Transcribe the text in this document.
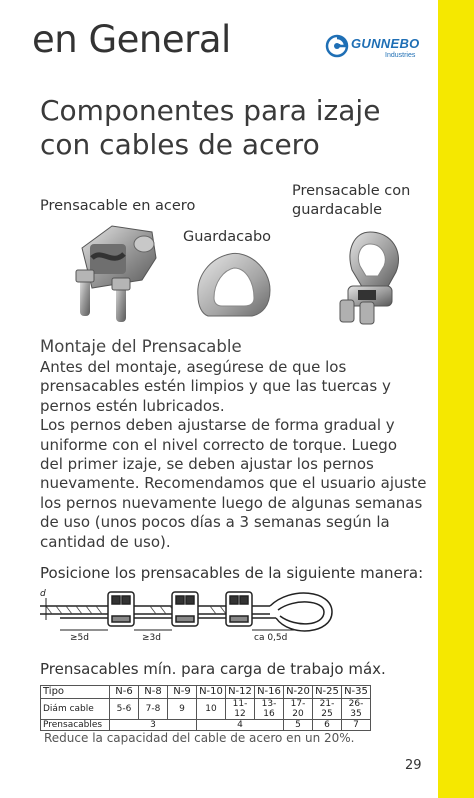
en General	GUNNEBO
Industries
Componentes para izaje
con cables de acero
Prensacable en acero
Guardacabo
Prensacable con
guardacable
Montaje del Prensacable

Antes del montaje, asegúrese de que los

prensacables estén limpios y que las tuercas y

pernos estén lubricados.

Los pernos deben ajustarse de forma gradual y

uniforme con el nivel correcto de torque. Luego

del primer izaje, se deben ajustar los pernos

nuevamente. Recomendamos que el usuario ajuste

los pernos nuevamente luego de algunas semanas

de uso (unos pocos días a 3 semanas según la

cantidad de uso).

Posicione los prensacables de la siguiente manera:
d
≥5d	≥3d	ca 0,5d
Prensacables mín. para carga de trabajo máx.
Tipo	N-6	N-8	N-9	N-10	N-12	N-16	N-20	N-25	N-35
Diám cable	5-6	7-8	9	10	11-12	13-16	17-20	21-25	26-35
Prensacables	3			4			5	6	7
Reduce la capacidad del cable de acero en un 20%.
29
